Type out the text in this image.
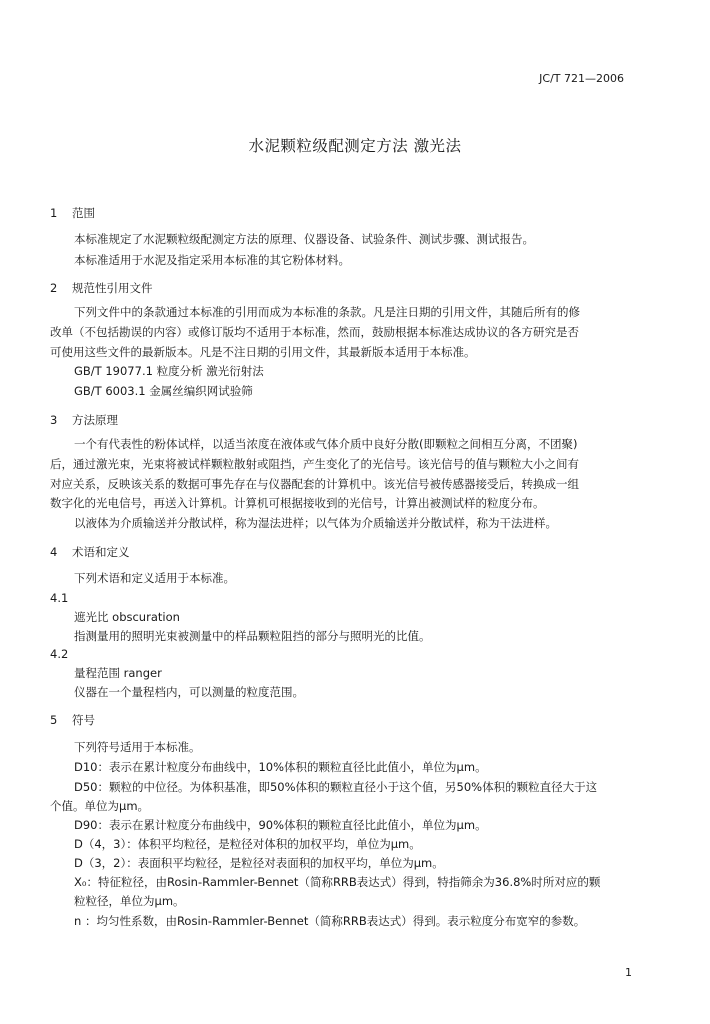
JC/T 721—2006
水泥颗粒级配测定方法 激光法
1 范围
本标准规定了水泥颗粒级配测定方法的原理、仪器设备、试验条件、测试步骤、测试报告。
本标准适用于水泥及指定采用本标准的其它粉体材料。
2 规范性引用文件
下列文件中的条款通过本标准的引用而成为本标准的条款。凡是注日期的引用文件，其随后所有的修
改单（不包括勘误的内容）或修订版均不适用于本标准，然而，鼓励根据本标准达成协议的各方研究是否
可使用这些文件的最新版本。凡是不注日期的引用文件，其最新版本适用于本标准。
GB/T 19077.1 粒度分析 激光衍射法
GB/T 6003.1 金属丝编织网试验筛
3 方法原理
一个有代表性的粉体试样，以适当浓度在液体或气体介质中良好分散(即颗粒之间相互分离，不团聚)
后，通过激光束，光束将被试样颗粒散射或阻挡，产生变化了的光信号。该光信号的值与颗粒大小之间有
对应关系，反映该关系的数据可事先存在与仪器配套的计算机中。该光信号被传感器接受后，转换成一组
数字化的光电信号，再送入计算机。计算机可根据接收到的光信号，计算出被测试样的粒度分布。
以液体为介质输送并分散试样，称为湿法进样；以气体为介质输送并分散试样，称为干法进样。
4 术语和定义
下列术语和定义适用于本标准。
4.1
遮光比 obscuration
指测量用的照明光束被测量中的样品颗粒阻挡的部分与照明光的比值。
4.2
量程范围 ranger
仪器在一个量程档内，可以测量的粒度范围。
5 符号
下列符号适用于本标准。
D10：表示在累计粒度分布曲线中，10%体积的颗粒直径比此值小，单位为μm。
D50：颗粒的中位径。为体积基准，即50%体积的颗粒直径小于这个值，另50%体积的颗粒直径大于这
个值。单位为μm。
D90：表示在累计粒度分布曲线中，90%体积的颗粒直径比此值小，单位为μm。
D（4，3）：体积平均粒径，是粒径对体积的加权平均，单位为μm。
D（3，2）：表面积平均粒径，是粒径对表面积的加权平均，单位为μm。
X₀：特征粒径，由Rosin-Rammler-Bennet（简称RRB表达式）得到，特指筛余为36.8%时所对应的颗
粒粒径，单位为μm。
n ：均匀性系数，由Rosin-Rammler-Bennet（简称RRB表达式）得到。表示粒度分布宽窄的参数。
1
